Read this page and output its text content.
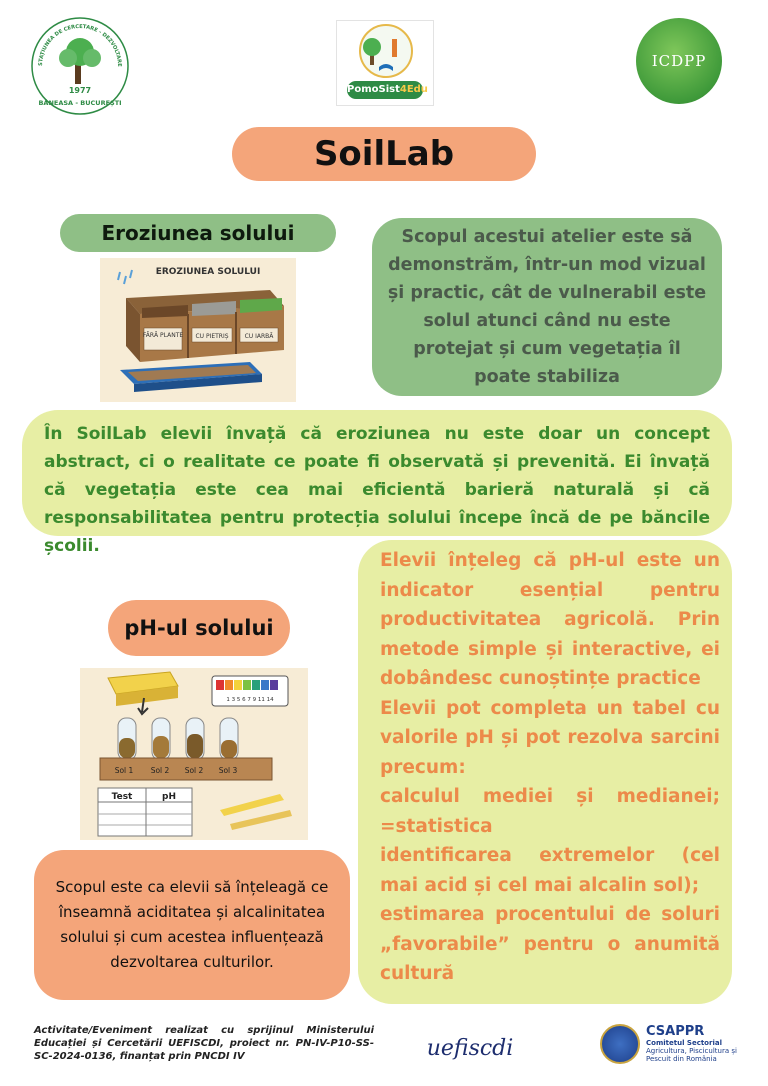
STAȚIUNEA DE CERCETARE - DEZVOLTARE
1977
BĂNEASA - BUCUREȘTI
PomoSist4Edu
ICDPP
SoilLab
Eroziunea solului
EROZIUNEA SOLULUI
FĂRĂ PLANTE CU PIETRIȘ	CU IARBĂ

Scopul acestui atelier este să demonstrăm, într-un mod vizual și practic, cât de vulnerabil este solul atunci când nu este protejat și cum vegetația îl poate stabiliza

În SoilLab elevii învață că eroziunea nu este doar un concept abstract, ci o realitate ce poate fi observată și prevenită. Ei învață că vegetația este cea mai eficientă barieră naturală și că responsabilitatea pentru protecția solului începe încă de pe băncile școlii.

pH-ul solului
1 3 5 6 7 9 11 14
Sol 1 Sol 2 Sol 2 Sol 3
Test	pH

Scopul este ca elevii să înțeleagă ce înseamnă aciditatea și alcalinitatea solului și cum acestea influențează dezvoltarea culturilor.

Elevii înțeleg că pH-ul este un indicator esențial pentru productivitatea agricolă. Prin metode simple și interactive, ei dobândesc cunoștințe practice

Elevii pot completa un tabel cu valorile pH și pot rezolva sarcini precum:

calculul mediei și medianei; =statistica

identificarea extremelor (cel mai acid și cel mai alcalin sol);

estimarea procentului de soluri „favorabile” pentru o anumită cultură

Activitate/Eveniment realizat cu sprijinul Ministerului Educației și Cercetării UEFISCDI, proiect nr. PN-IV-P10-SS-SC-2024-0136, finanțat prin PNCDI IV	uefiscdi
CSAPPR
Comitetul Sectorial
Agricultura, Piscicultura și Pescuit din România
